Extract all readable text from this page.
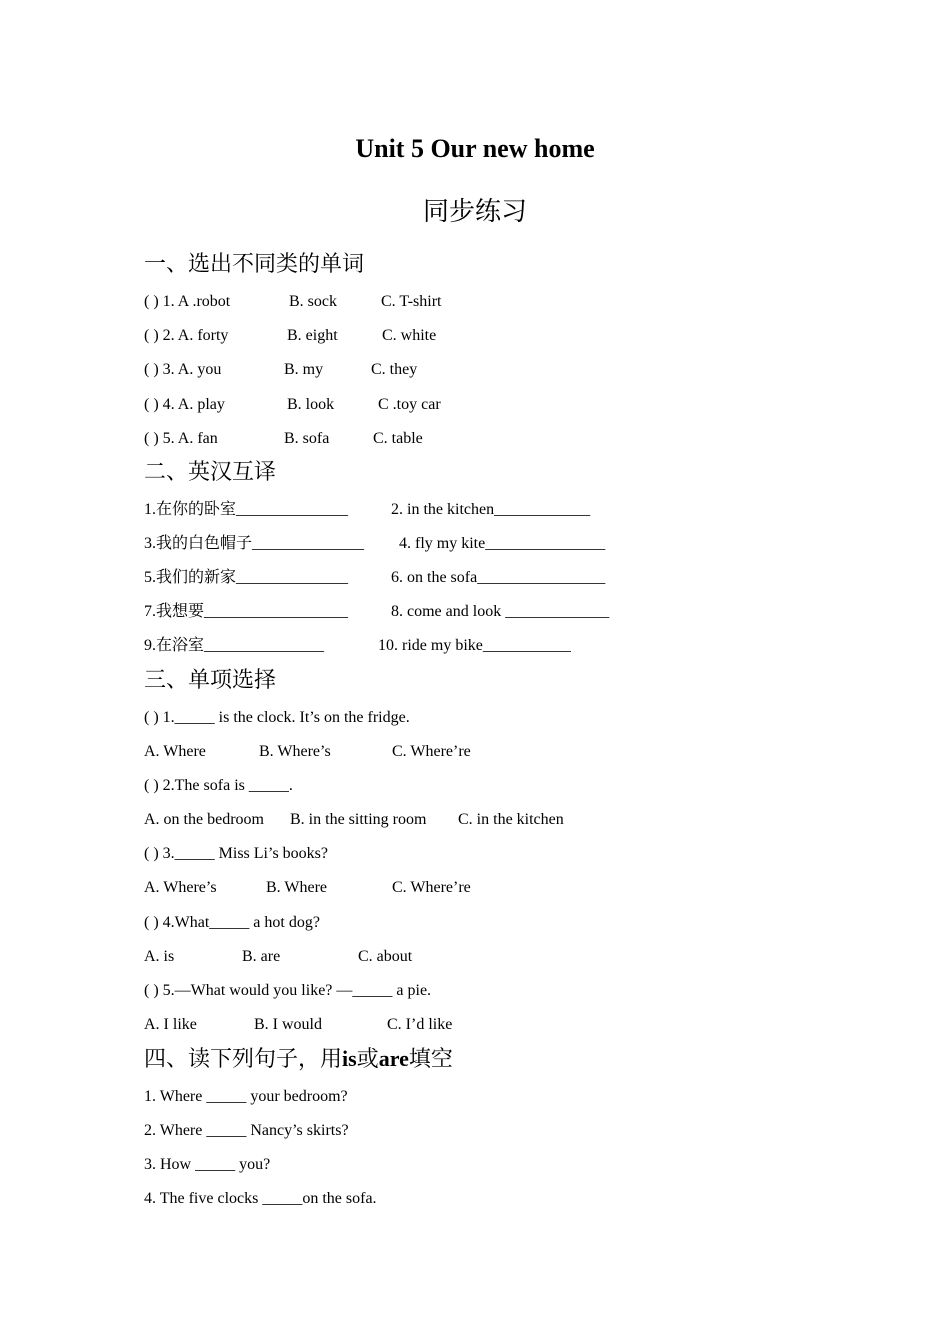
Unit 5 Our new home
同步练习
一、选出不同类的单词
( ) 1. A .robot	B. sock	C. T-shirt
( ) 2. A. forty	B. eight	C. white
( ) 3. A. you	B. my	C. they
( ) 4. A. play	B. look	C .toy car
( ) 5. A. fan	B. sofa	C. table
二、英汉互译
1.在你的卧室______________	2. in the kitchen____________
3.我的白色帽子______________ 4. fly my kite_______________
5.我们的新家______________	6. on the sofa________________
7.我想要__________________	8. come and look _____________
9.在浴室_______________	10. ride my bike___________
三、单项选择
( ) 1._____ is the clock. It’s on the fridge.
A. Where	B. Where’s	C. Where’re
( ) 2.The sofa is _____.
A. on the bedroom B. in the sitting room C. in the kitchen
( ) 3._____ Miss Li’s books?
A. Where’s	B. Where	C. Where’re
( ) 4.What_____ a hot dog?
A. is	B. are	C. about
( ) 5.—What would you like? —_____ a pie.
A. I like	B. I would	C. I’d like
四、读下列句子，用is或are填空
1. Where _____ your bedroom?
2. Where _____ Nancy’s skirts?
3. How _____ you?
4. The five clocks _____on the sofa.
